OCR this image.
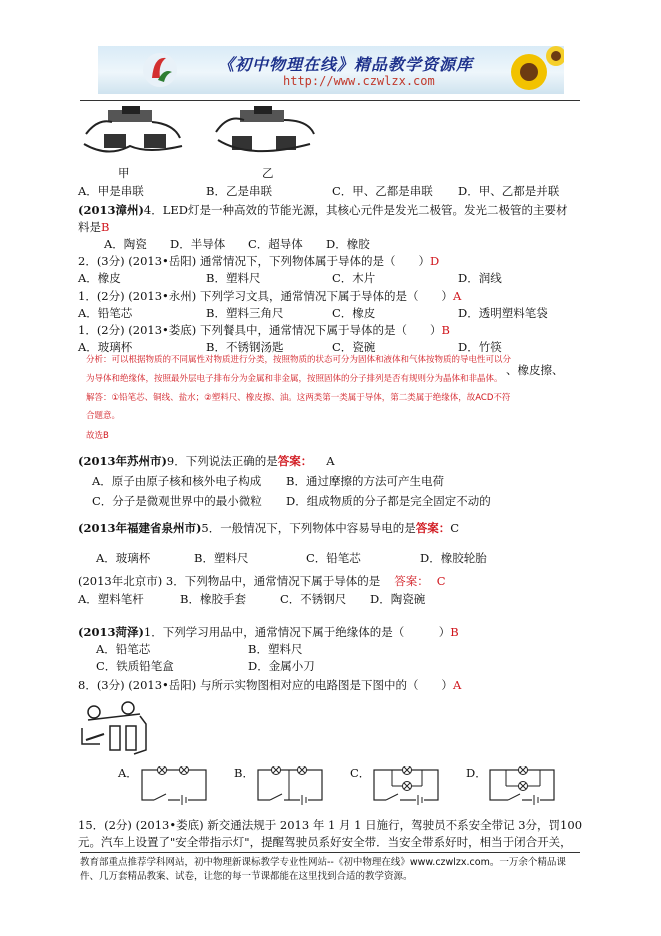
《初中物理在线》精品教学资源库
http://www.czwlzx.com
甲	乙
A．甲是串联	B．乙是串联	C．甲、乙都是串联 D．甲、乙都是并联
(2013漳州)4．LED灯是一种高效的节能光源，其核心元件是发光二极管。发光二极管的主要材
料是B
A．陶瓷 D．半导体 C．超导体 D．橡胶
2．(3分) (2013•岳阳) 通常情况下，下列物体属于导体的是（　　）D
A．橡皮	B．塑料尺	C．木片	D．润线
1．(2分) (2013•永州) 下列学习文具，通常情况下属于导体的是（　　）A
A．铅笔芯	B．塑料三角尺	C．橡皮	D．透明塑料笔袋
1．(2分) (2013•娄底) 下列餐具中，通常情况下属于导体的是（　　）B
A．玻璃杯	B．不锈钢汤匙	C．瓷碗	D．竹筷
分析：可以根据物质的不同属性对物质进行分类，按照物质的状态可分为固体和液体和气体按物质的导电性可以分
、橡皮擦、
为导体和绝缘体，按照最外层电子排布分为金属和非金属，按照固体的分子排列是否有规则分为晶体和非晶体。
解答：①铅笔芯、铜线、盐水；②塑料尺、橡皮擦、油。这两类第一类属于导体，第二类属于绝缘体，故ACD不符
合题意。
故选B
(2013年苏州市)9．下列说法正确的是答案： A
A．原子由原子核和核外电子构成 B．通过摩擦的方法可产生电荷
C．分子是微观世界中的最小微粒 D．组成物质的分子都是完全固定不动的
(2013年福建省泉州市)5．一般情况下，下列物体中容易导电的是答案：C
A．玻璃杯	B．塑料尺	C．铅笔芯	D．橡胶轮胎
(2013年北京市) 3．下列物品中，通常情况下属于导体的是 答案： C
A．塑料笔杆	B．橡胶手套	C．不锈钢尺 D．陶瓷碗
(2013菏泽)1．下列学习用品中，通常情况下属于绝缘体的是（　　　）B
A．铅笔芯	B．塑料尺
C．铁质铅笔盒	D．金属小刀
8．(3分) (2013•岳阳) 与所示实物图相对应的电路图是下图中的（　　）A
A．	B．	C．	D．
15．(2分) (2013•娄底) 新交通法规于 2013 年 1 月 1 日施行，驾驶员不系安全带记 3分，罚100
元。汽车上设置了"安全带指示灯"，提醒驾驶员系好安全带．当安全带系好时，相当于闭合开关，
教育部重点推荐学科网站，初中物理新课标教学专业性网站--《初中物理在线》www.czwlzx.com。一万余个精品课
件、几万套精品教案、试卷，让您的每一节课都能在这里找到合适的教学资源。
